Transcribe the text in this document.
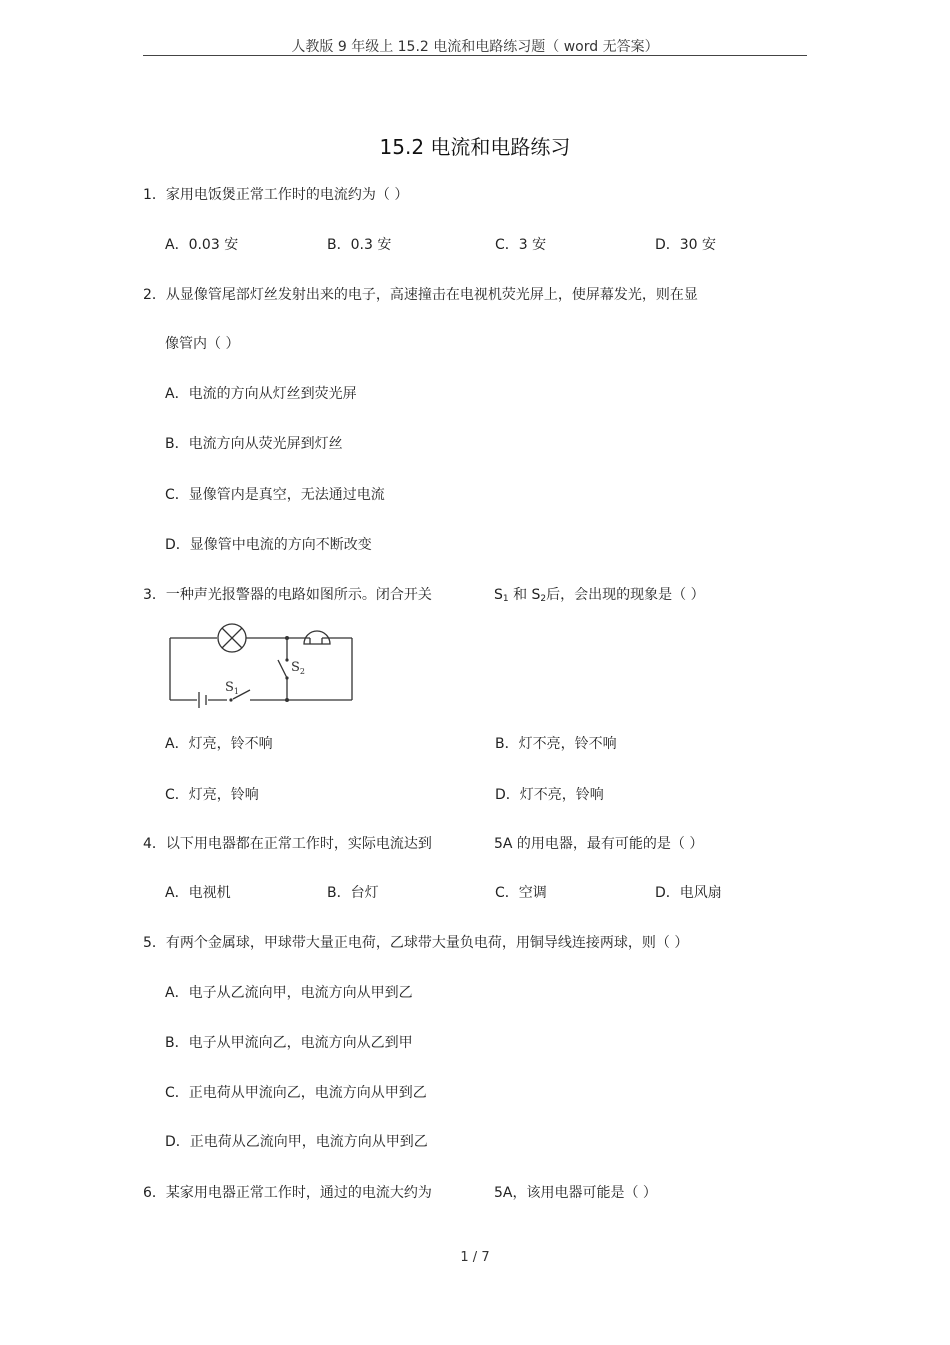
人教版 9 年级上 15.2 电流和电路练习题（ word 无答案）
15.2 电流和电路练习
1．家用电饭煲正常工作时的电流约为（ ）
A．0.03 安	B．0.3 安	C．3 安	D．30 安
2．从显像管尾部灯丝发射出来的电子，高速撞击在电视机荧光屏上，使屏幕发光，则在显
像管内（ ）
A．电流的方向从灯丝到荧光屏
B．电流方向从荧光屏到灯丝
C．显像管内是真空，无法通过电流
D．显像管中电流的方向不断改变
3．一种声光报警器的电路如图所示。闭合开关	$S_1$ 和 $S_2$后，会出现的现象是（ ）
$S_2$
$S_1$
A．灯亮，铃不响	B．灯不亮，铃不响
C．灯亮，铃响	D．灯不亮，铃响
4．以下用电器都在正常工作时，实际电流达到	5A 的用电器，最有可能的是（ ）
A．电视机	B．台灯	C．空调	D．电风扇
5．有两个金属球，甲球带大量正电荷，乙球带大量负电荷，用铜导线连接两球，则（ ）
A．电子从乙流向甲，电流方向从甲到乙
B．电子从甲流向乙，电流方向从乙到甲
C．正电荷从甲流向乙，电流方向从甲到乙
D．正电荷从乙流向甲，电流方向从甲到乙
6．某家用电器正常工作时，通过的电流大约为	5A，该用电器可能是（ ）
1 / 7
